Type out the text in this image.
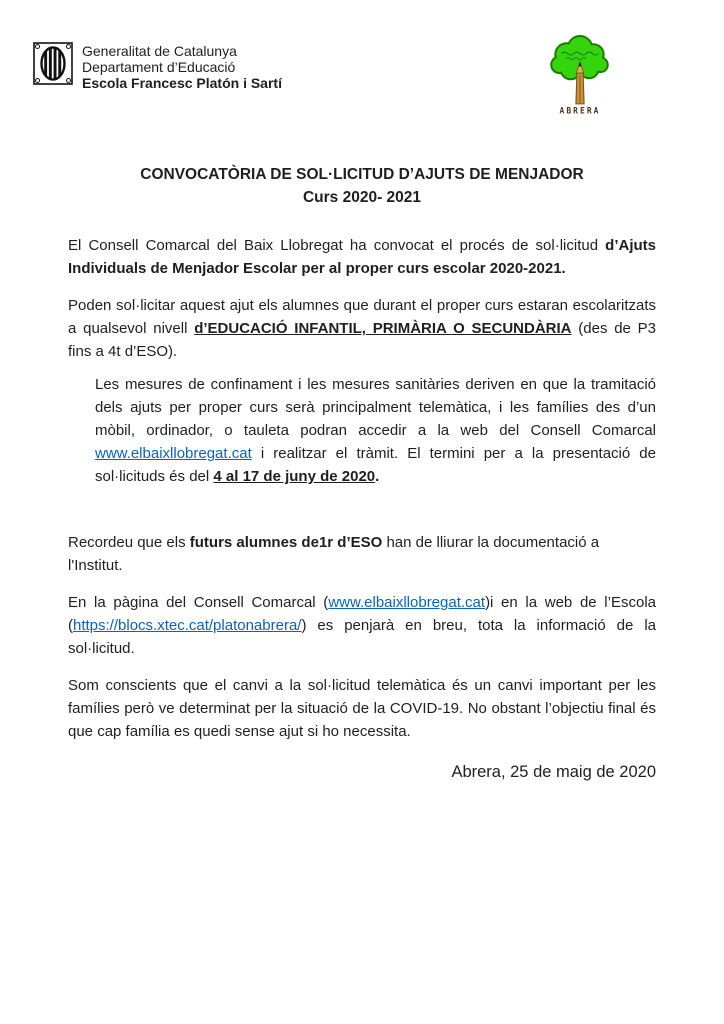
Generalitat de Catalunya
Departament d’Educació
Escola Francesc Platón i Sartí
ABRERA
CONVOCATÒRIA DE SOL·LICITUD D’AJUTS DE MENJADOR
Curs 2020- 2021

El Consell Comarcal del Baix Llobregat ha convocat el procés de sol·licitud d’Ajuts Individuals de Menjador Escolar per al proper curs escolar 2020-2021.

Poden sol·licitar aquest ajut els alumnes que durant el proper curs estaran escolaritzats a qualsevol nivell d’EDUCACIÓ INFANTIL, PRIMÀRIA O SECUNDÀRIA (des de P3 fins a 4t d’ESO).

Les mesures de confinament i les mesures sanitàries deriven en que la tramitació dels ajuts per proper curs serà principalment telemàtica, i les famílies des d’un mòbil, ordinador, o tauleta podran accedir a la web del Consell Comarcal www.elbaixllobregat.cat i realitzar el tràmit. El termini per a la presentació de sol·licituds és del 4 al 17 de juny de 2020.

Recordeu que els futurs alumnes de1r d’ESO han de lliurar la documentació a l'Institut.

En la pàgina del Consell Comarcal (www.elbaixllobregat.cat)i en la web de l’Escola (https://blocs.xtec.cat/platonabrera/) es penjarà en breu, tota la informació de la sol·licitud.

Som conscients que el canvi a la sol·licitud telemàtica és un canvi important per les famílies però ve determinat per la situació de la COVID-19. No obstant l’objectiu final és que cap família es quedi sense ajut si ho necessita.

Abrera, 25 de maig de 2020
